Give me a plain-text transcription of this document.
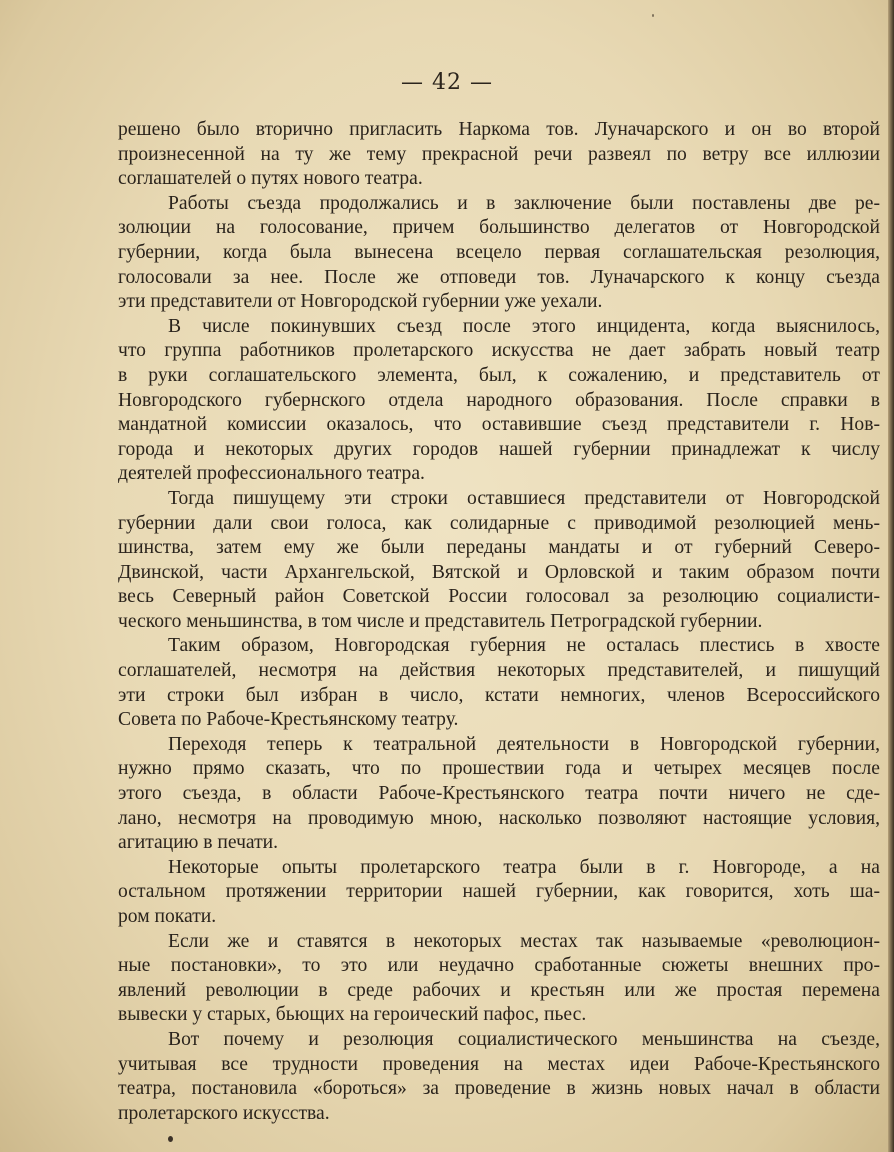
— 42 —
решено было вторично пригласить Наркома тов. Луначарского и он во второй
произнесенной на ту же тему прекрасной речи развеял по ветру все иллюзии
соглашателей о путях нового театра.
Работы съезда продолжались и в заключение были поставлены две ре-
золюции на голосование, причем большинство делегатов от Новгородской
губернии, когда была вынесена всецело первая соглашательская резолюция,
голосовали за нее. После же отповеди тов. Луначарского к концу съезда
эти представители от Новгородской губернии уже уехали.
В числе покинувших съезд после этого инцидента, когда выяснилось,
что группа работников пролетарского искусства не дает забрать новый театр
в руки соглашательского элемента, был, к сожалению, и представитель от
Новгородского губернского отдела народного образования. После справки в
мандатной комиссии оказалось, что оставившие съезд представители г. Нов-
города и некоторых других городов нашей губернии принадлежат к числу
деятелей профессионального театра.
Тогда пишущему эти строки оставшиеся представители от Новгородской
губернии дали свои голоса, как солидарные с приводимой резолюцией мень-
шинства, затем ему же были переданы мандаты и от губерний Северо-
Двинской, части Архангельской, Вятской и Орловской и таким образом почти
весь Северный район Советской России голосовал за резолюцию социалисти-
ческого меньшинства, в том числе и представитель Петроградской губернии.
Таким образом, Новгородская губерния не осталась плестись в хвосте
соглашателей, несмотря на действия некоторых представителей, и пишущий
эти строки был избран в число, кстати немногих, членов Всероссийского
Совета по Рабоче-Крестьянскому театру.
Переходя теперь к театральной деятельности в Новгородской губернии,
нужно прямо сказать, что по прошествии года и четырех месяцев после
этого съезда, в области Рабоче-Крестьянского театра почти ничего не сде-
лано, несмотря на проводимую мною, насколько позволяют настоящие условия,
агитацию в печати.
Некоторые опыты пролетарского театра были в г. Новгороде, а на
остальном протяжении территории нашей губернии, как говорится, хоть ша-
ром покати.
Если же и ставятся в некоторых местах так называемые «революцион-
ные постановки», то это или неудачно сработанные сюжеты внешних про-
явлений революции в среде рабочих и крестьян или же простая перемена
вывески у старых, бьющих на героический пафос, пьес.
Вот почему и резолюция социалистического меньшинства на съезде,
учитывая все трудности проведения на местах идеи Рабоче-Крестьянского
театра, постановила «бороться» за проведение в жизнь новых начал в области
пролетарского искусства.
